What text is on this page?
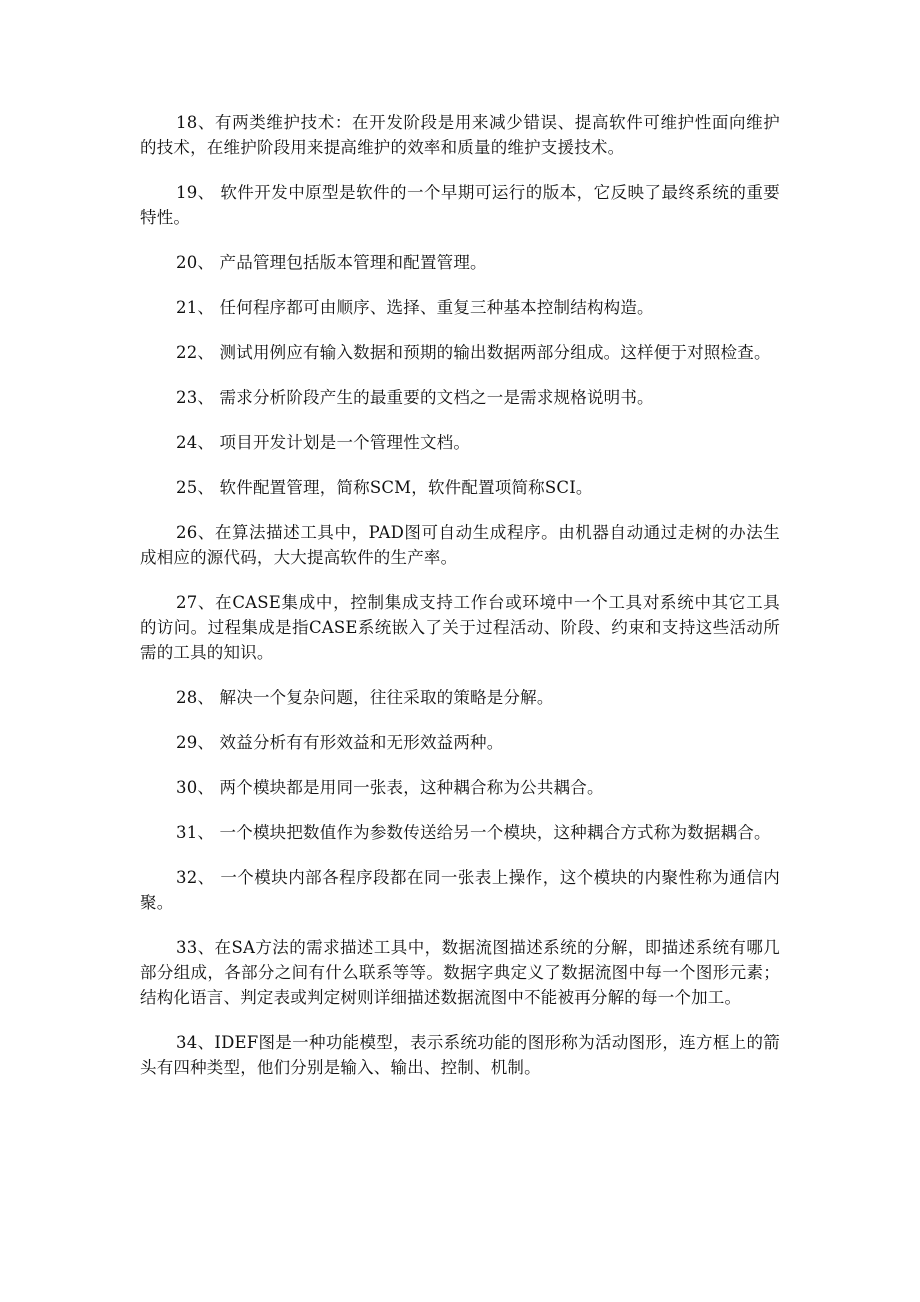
18、有两类维护技术：在开发阶段是用来减少错误、提高软件可维护性面向维护的技术，在维护阶段用来提高维护的效率和质量的维护支援技术。

19、 软件开发中原型是软件的一个早期可运行的版本，它反映了最终系统的重要特性。

20、 产品管理包括版本管理和配置管理。

21、 任何程序都可由顺序、选择、重复三种基本控制结构构造。

22、 测试用例应有输入数据和预期的输出数据两部分组成。这样便于对照检查。

23、 需求分析阶段产生的最重要的文档之一是需求规格说明书。

24、 项目开发计划是一个管理性文档。

25、 软件配置管理，简称SCM，软件配置项简称SCI。

26、在算法描述工具中，PAD图可自动生成程序。由机器自动通过走树的办法生成相应的源代码，大大提高软件的生产率。

27、在CASE集成中，控制集成支持工作台或环境中一个工具对系统中其它工具的访问。过程集成是指CASE系统嵌入了关于过程活动、阶段、约束和支持这些活动所需的工具的知识。

28、 解决一个复杂问题，往往采取的策略是分解。

29、 效益分析有有形效益和无形效益两种。

30、 两个模块都是用同一张表，这种耦合称为公共耦合。

31、 一个模块把数值作为参数传送给另一个模块，这种耦合方式称为数据耦合。

32、 一个模块内部各程序段都在同一张表上操作，这个模块的内聚性称为通信内聚。

33、在SA方法的需求描述工具中，数据流图描述系统的分解，即描述系统有哪几部分组成，各部分之间有什么联系等等。数据字典定义了数据流图中每一个图形元素；结构化语言、判定表或判定树则详细描述数据流图中不能被再分解的每一个加工。

34、IDEF图是一种功能模型，表示系统功能的图形称为活动图形，连方框上的箭头有四种类型，他们分别是输入、输出、控制、机制。
